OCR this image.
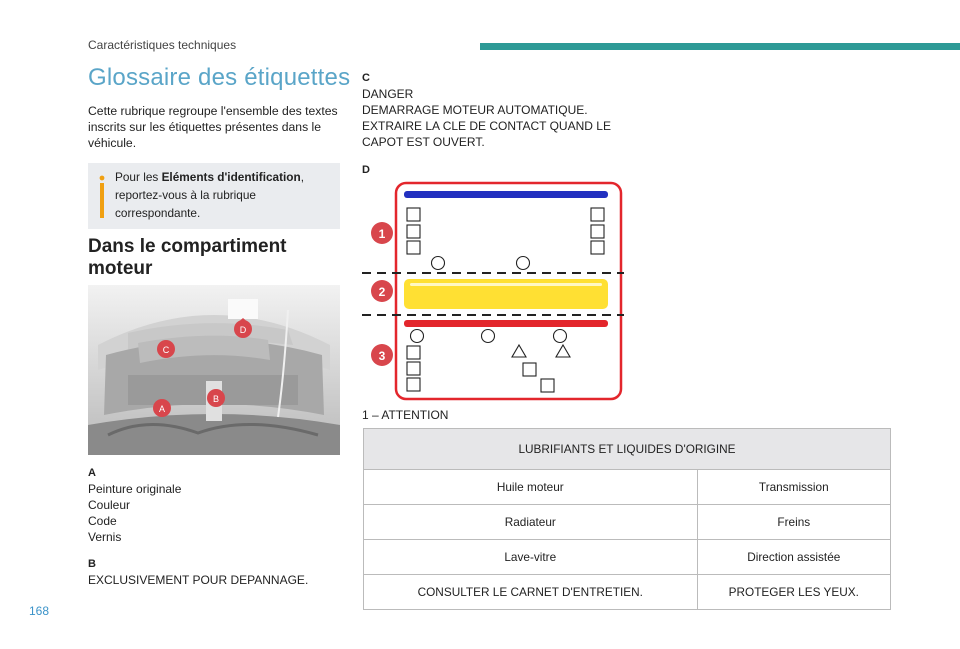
Caractéristiques techniques
Glossaire des étiquettes
Cette rubrique regroupe l'ensemble des textes inscrits sur les étiquettes présentes dans le véhicule.
Pour les Eléments d'identification, reportez-vous à la rubrique correspondante.
Dans le compartiment moteur
D
C
B
A
A
Peinture originale
Couleur
Code
Vernis
B
EXCLUSIVEMENT POUR DEPANNAGE.
C
DANGER
DEMARRAGE MOTEUR AUTOMATIQUE.
EXTRAIRE LA CLE DE CONTACT QUAND LE
CAPOT EST OUVERT.
D
1
2
3
1 – ATTENTION
LUBRIFIANTS ET LIQUIDES D'ORIGINE	
Huile moteur	Transmission
Radiateur	Freins
Lave-vitre	Direction assistée
CONSULTER LE CARNET D'ENTRETIEN.	PROTEGER LES YEUX.
168
